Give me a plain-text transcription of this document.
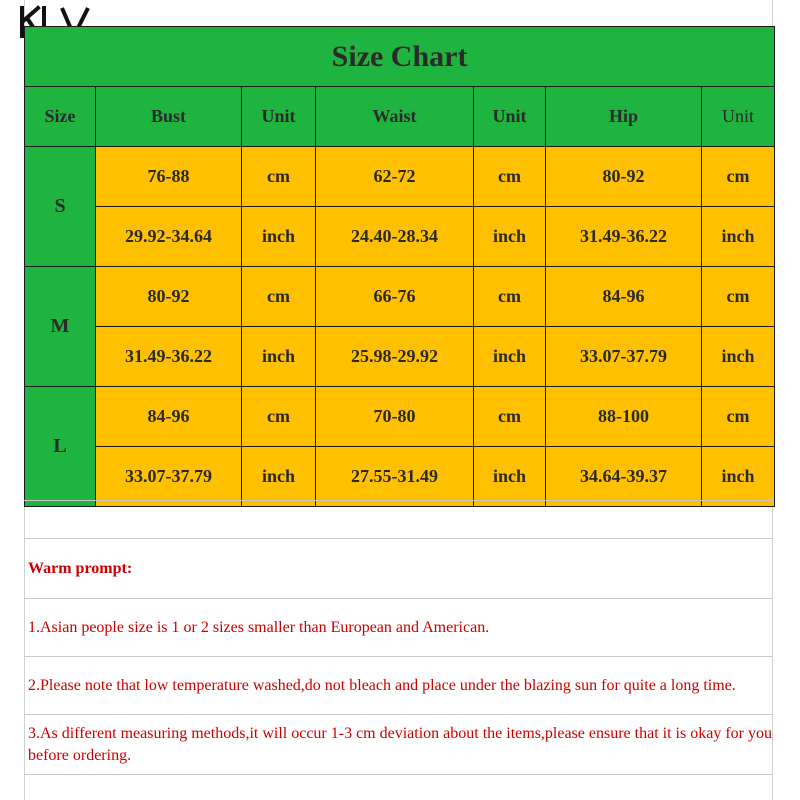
Size Chart						
Size	Bust	Unit	Waist	Unit	Hip	Unit
S	76-88	cm	62-72	cm	80-92	cm
	29.92-34.64	inch	24.40-28.34	inch	31.49-36.22	inch
M	80-92	cm	66-76	cm	84-96	cm
	31.49-36.22	inch	25.98-29.92	inch	33.07-37.79	inch
L	84-96	cm	70-80	cm	88-100	cm
	33.07-37.79	inch	27.55-31.49	inch	34.64-39.37	inch
Warm prompt:
1.Asian people size is 1 or 2 sizes smaller than European and American.
2.Please note that low temperature washed,do not bleach and place under the blazing sun for quite a long time.
3.As different measuring methods,it will occur 1-3 cm deviation about the items,please ensure that it is okay for you before ordering.
